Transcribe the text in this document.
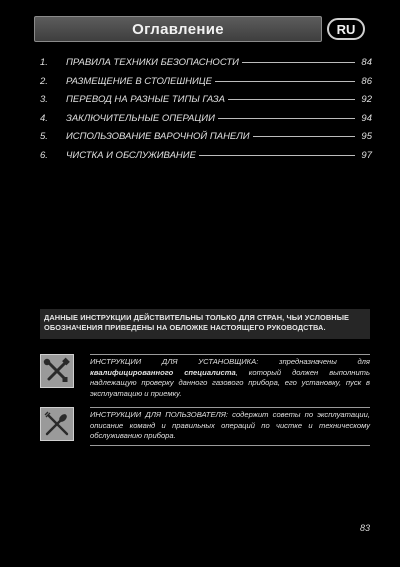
Оглавление	RU
1.	ПРАВИЛА ТЕХНИКИ БЕЗОПАСНОСТИ	84
2.	РАЗМЕЩЕНИЕ В СТОЛЕШНИЦЕ	86
3.	ПЕРЕВОД НА РАЗНЫЕ ТИПЫ ГАЗА	92
4.	ЗАКЛЮЧИТЕЛЬНЫЕ ОПЕРАЦИИ	94
5.	ИСПОЛЬЗОВАНИЕ ВАРОЧНОЙ ПАНЕЛИ	95
6.	ЧИСТКА И ОБСЛУЖИВАНИЕ	97

ДАННЫЕ ИНСТРУКЦИИ ДЕЙСТВИТЕЛЬНЫ ТОЛЬКО ДЛЯ СТРАН, ЧЬИ УСЛОВНЫЕ

ОБОЗНАЧЕНИЯ ПРИВЕДЕНЫ НА ОБЛОЖКЕ НАСТОЯЩЕГО РУКОВОДСТВА.

ИНСТРУКЦИИ ДЛЯ УСТАНОВЩИКА: зпредназначены для квалифицированного специалиста, который должен выполнить надлежащую проверку данного газового прибора, его установку, пуск в эксплуатацию и приемку.
ИНСТРУКЦИИ ДЛЯ ПОЛЬЗОВАТЕЛЯ: содержит советы по эксплуатации, описание команд и правильных операций по чистке и техническому обслуживанию прибора.
83
